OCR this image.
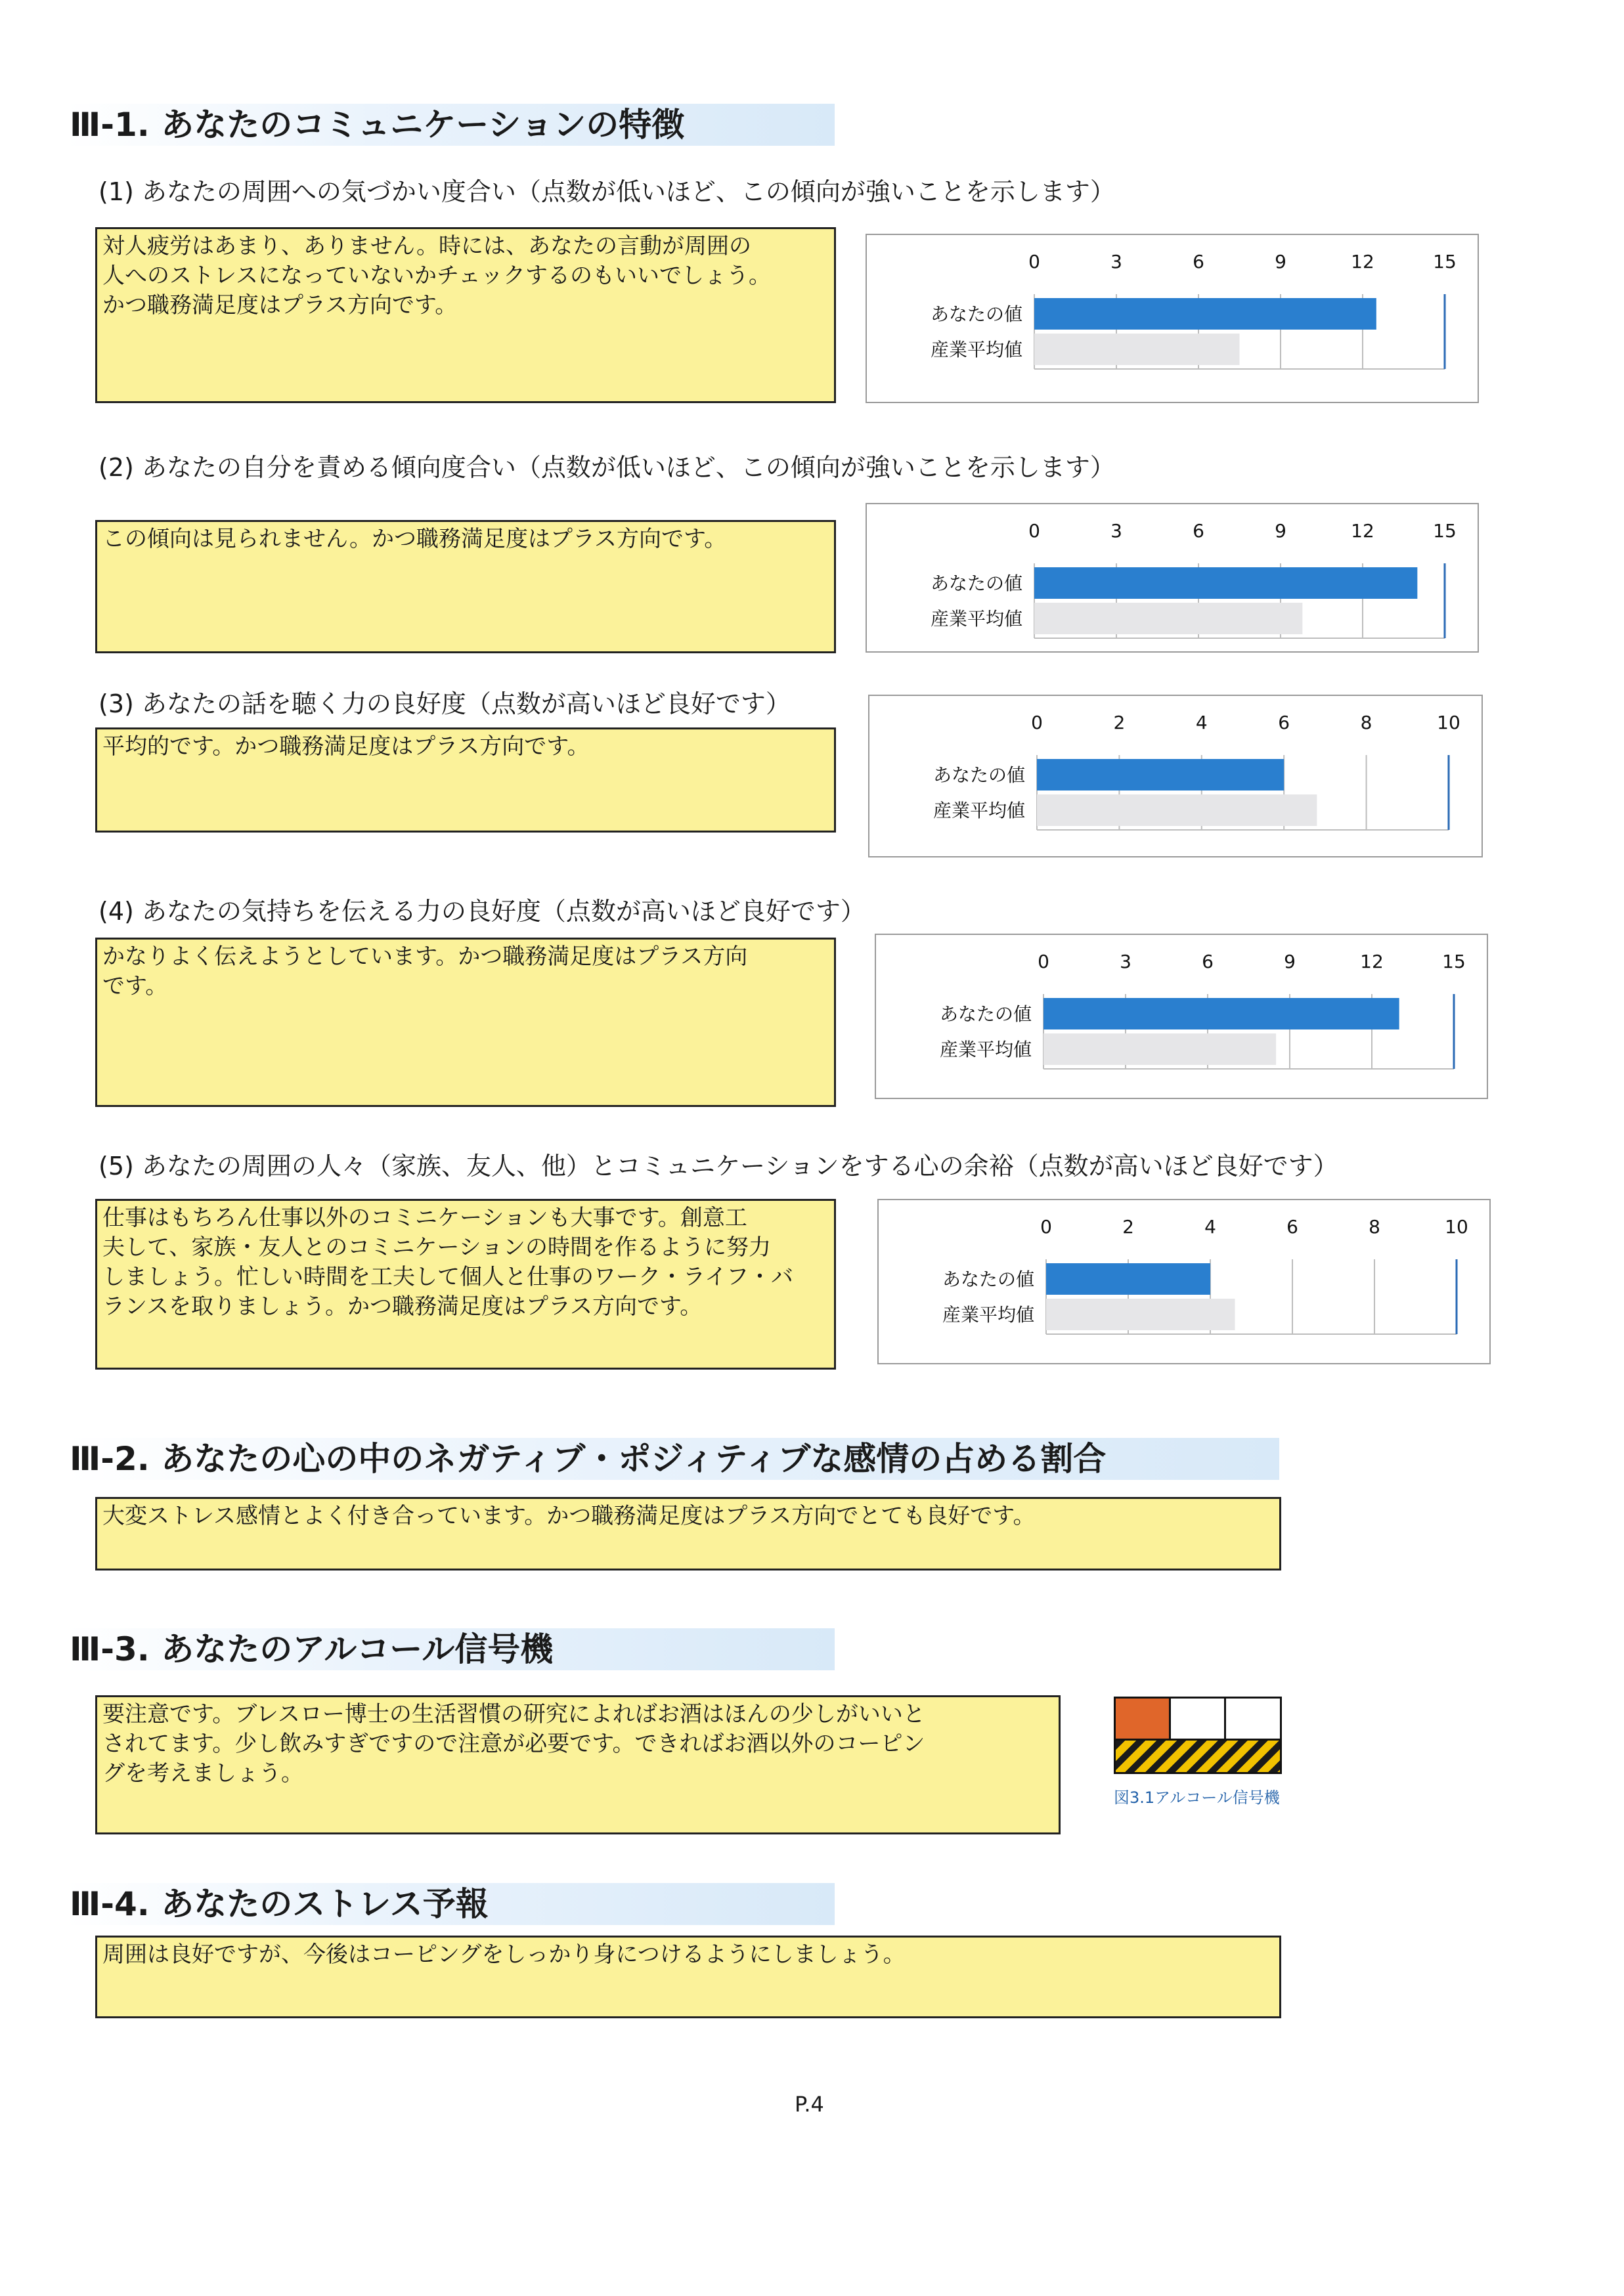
Ⅲ-1. あなたのコミュニケーションの特徴
(1) あなたの周囲への気づかい度合い（点数が低いほど、この傾向が強いことを示します）
対人疲労はあまり、ありません。時には、あなたの言動が周囲の
人へのストレスになっていないかチェックするのもいいでしょう。
かつ職務満足度はプラス方向です。
0	3	6	9	12	15
あなたの値
産業平均値
(2) あなたの自分を責める傾向度合い（点数が低いほど、この傾向が強いことを示します）
この傾向は見られません。かつ職務満足度はプラス方向です。	0	3	6	9	12	15
あなたの値
産業平均値
(3) あなたの話を聴く力の良好度（点数が高いほど良好です）
平均的です。かつ職務満足度はプラス方向です。
0	2	4	6	8	10
あなたの値
産業平均値
(4) あなたの気持ちを伝える力の良好度（点数が高いほど良好です）
かなりよく伝えようとしています。かつ職務満足度はプラス方向
です。
0	3	6	9	12	15
あなたの値
産業平均値
(5) あなたの周囲の人々（家族、友人、他）とコミュニケーションをする心の余裕（点数が高いほど良好です）
仕事はもちろん仕事以外のコミニケーションも大事です。創意工
夫して、家族・友人とのコミニケーションの時間を作るように努力
しましょう。忙しい時間を工夫して個人と仕事のワーク・ライフ・バ
ランスを取りましょう。かつ職務満足度はプラス方向です。
0	2	4	6	8	10
あなたの値
産業平均値
Ⅲ-2. あなたの心の中のネガティブ・ポジィティブな感情の占める割合
大変ストレス感情とよく付き合っています。かつ職務満足度はプラス方向でとても良好です。
Ⅲ-3. あなたのアルコール信号機
要注意です。ブレスロー博士の生活習慣の研究によればお酒はほんの少しがいいと
されてます。少し飲みすぎですので注意が必要です。できればお酒以外のコーピン
グを考えましょう。
図3.1アルコール信号機
Ⅲ-4. あなたのストレス予報
周囲は良好ですが、今後はコーピングをしっかり身につけるようにしましょう。
P.4
